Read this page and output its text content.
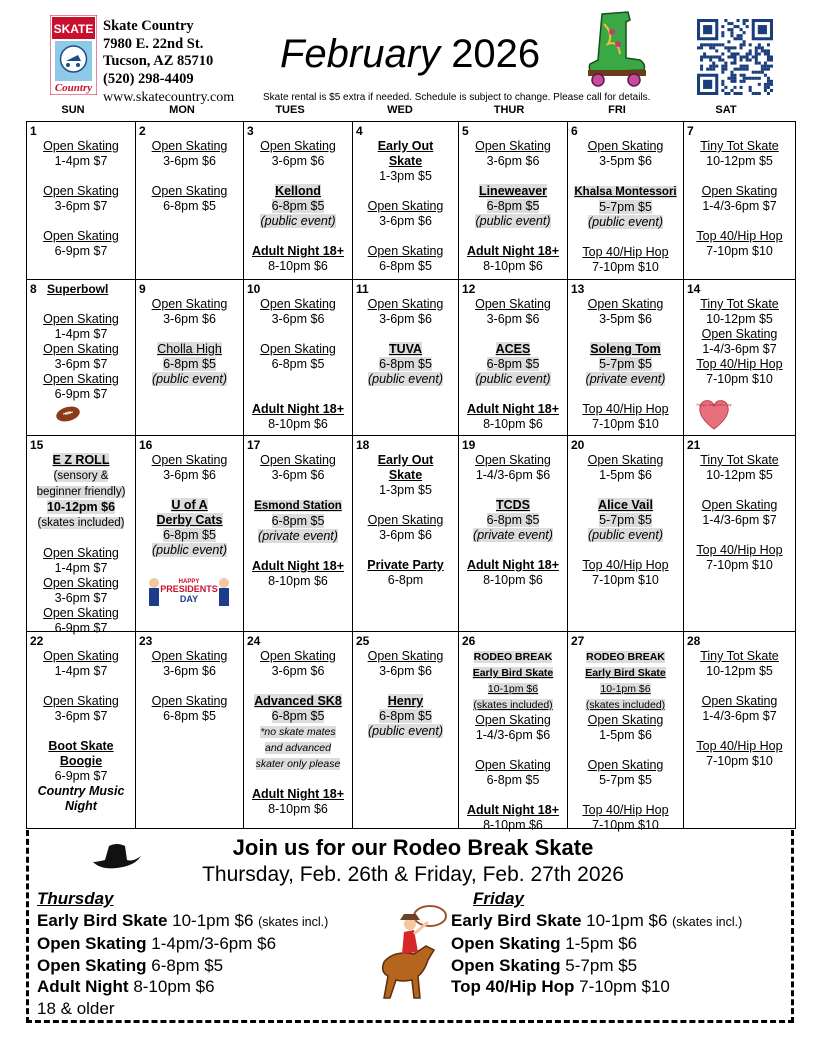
SKATE
Country
Skate Country
7980 E. 22nd St.
Tucson, AZ 85710
(520) 298-4409
www.skatecountry.com
February 2026
Skate rental is $5 extra if needed. Schedule is subject to change. Please call for details.
SUN	MON	TUES	WED	THUR	FRI	SAT
1
Open Skating
1-4pm $7
Open Skating
3-6pm $7
Open Skating
6-9pm $7
2
Open Skating
3-6pm $6
Open Skating
6-8pm $5
3
Open Skating
3-6pm $6
Kellond
6-8pm $5
(public event)
Adult Night 18+
8-10pm $6
4
Early Out
Skate
1-3pm $5
Open Skating
3-6pm $6
Open Skating
6-8pm $5
5
Open Skating
3-6pm $6
Lineweaver
6-8pm $5
(public event)
Adult Night 18+
8-10pm $6
6
Open Skating
3-5pm $6
Khalsa Montessori
5-7pm $5
(public event)
Top 40/Hip Hop
7-10pm $10
7
Tiny Tot Skate
10-12pm $5
Open Skating
1-4/3-6pm $7
Top 40/Hip Hop
7-10pm $10
8 Superbowl
Open Skating
1-4pm $7
Open Skating
3-6pm $7
Open Skating
6-9pm $7
9
Open Skating
3-6pm $6
Cholla High
6-8pm $5
(public event)
10
Open Skating
3-6pm $6
Open Skating
6-8pm $5
Adult Night 18+
8-10pm $6
11
Open Skating
3-6pm $6
TUVA
6-8pm $5
(public event)
12
Open Skating
3-6pm $6
ACES
6-8pm $5
(public event)
Adult Night 18+
8-10pm $6
13
Open Skating
3-5pm $6
Soleng Tom
5-7pm $5
(private event)
Top 40/Hip Hop
7-10pm $10
14
Tiny Tot Skate
10-12pm $5
Open Skating
1-4/3-6pm $7
Top 40/Hip Hop
7-10pm $10
Happy Valentine's Day
15
E Z ROLL
(sensory &
beginner friendly)
10-12pm $6
(skates included)
Open Skating
1-4pm $7
Open Skating
3-6pm $7
Open Skating
6-9pm $7
16
Open Skating
3-6pm $6
U of A
Derby Cats
6-8pm $5
(public event)
HAPPY
PRESIDENTS
DAY
17
Open Skating
3-6pm $6
Esmond Station
6-8pm $5
(private event)
Adult Night 18+
8-10pm $6
18
Early Out
Skate
1-3pm $5
Open Skating
3-6pm $6
Private Party
6-8pm
19
Open Skating
1-4/3-6pm $6
TCDS
6-8pm $5
(private event)
Adult Night 18+
8-10pm $6
20
Open Skating
1-5pm $6
Alice Vail
5-7pm $5
(public event)
Top 40/Hip Hop
7-10pm $10
21
Tiny Tot Skate
10-12pm $5
Open Skating
1-4/3-6pm $7
Top 40/Hip Hop
7-10pm $10
22
Open Skating
1-4pm $7
Open Skating
3-6pm $7
Boot Skate
Boogie
6-9pm $7
Country Music
Night
23
Open Skating
3-6pm $6
Open Skating
6-8pm $5
24
Open Skating
3-6pm $6
Advanced SK8
6-8pm $5
*no skate mates
and advanced
skater only please
Adult Night 18+
8-10pm $6
25
Open Skating
3-6pm $6
Henry
6-8pm $5
(public event)
26
RODEO BREAK
Early Bird Skate
10-1pm $6
(skates included)
Open Skating
1-4/3-6pm $6
Open Skating
6-8pm $5
Adult Night 18+
8-10pm $6
27
RODEO BREAK
Early Bird Skate
10-1pm $6
(skates included)
Open Skating
1-5pm $6
Open Skating
5-7pm $5
Top 40/Hip Hop
7-10pm $10
28
Tiny Tot Skate
10-12pm $5
Open Skating
1-4/3-6pm $7
Top 40/Hip Hop
7-10pm $10
Join us for our Rodeo Break Skate
Thursday, Feb. 26th & Friday, Feb. 27th 2026
Thursday
Early Bird Skate 10-1pm $6 (skates incl.)
Open Skating 1-4pm/3-6pm $6
Open Skating 6-8pm $5
Adult Night 8-10pm $6
18 & older
Friday
Early Bird Skate 10-1pm $6 (skates incl.)
Open Skating 1-5pm $6
Open Skating 5-7pm $5
Top 40/Hip Hop 7-10pm $10
